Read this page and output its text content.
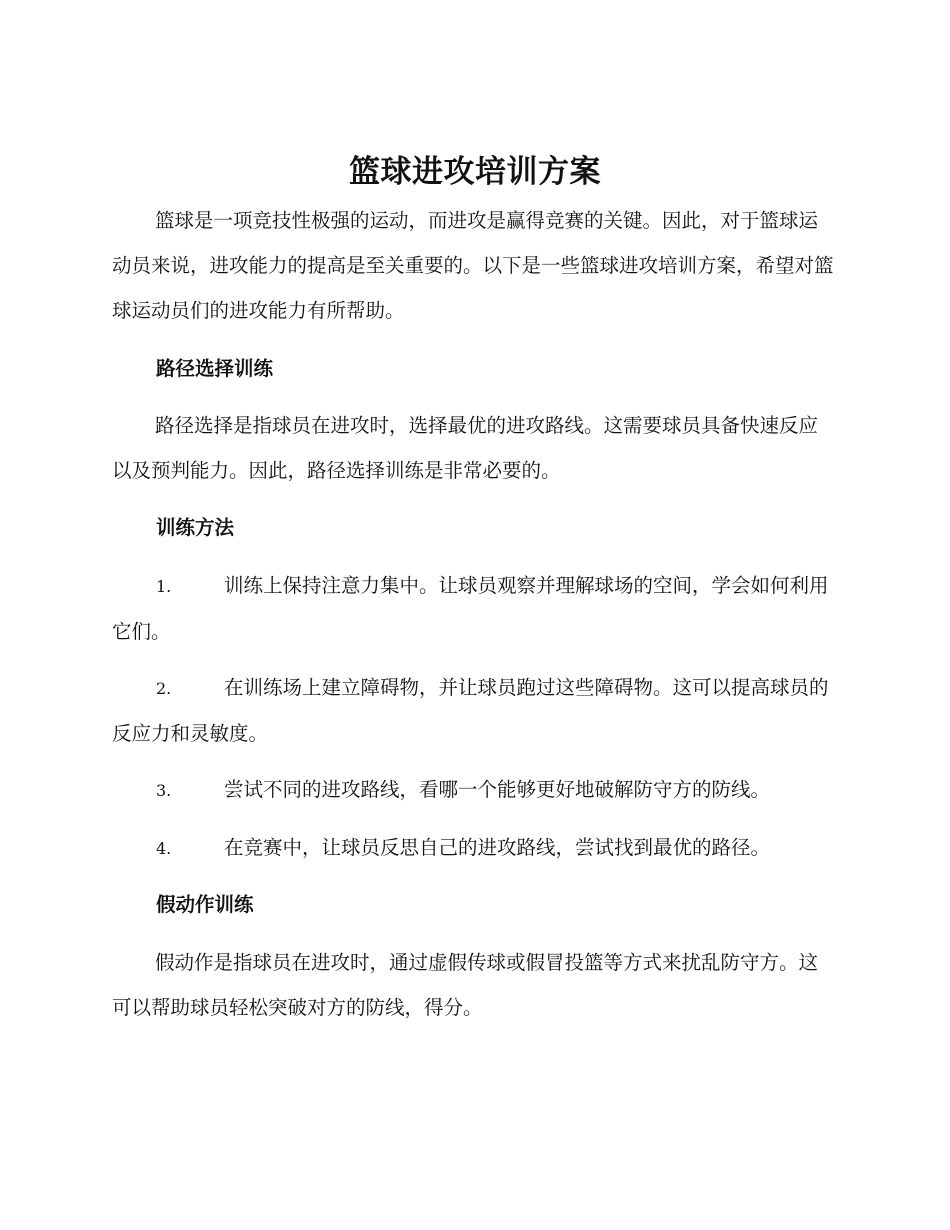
篮球进攻培训方案

篮球是一项竞技性极强的运动，而进攻是赢得竞赛的关键。因此，对于篮球运动员来说，进攻能力的提高是至关重要的。以下是一些篮球进攻培训方案，希望对篮球运动员们的进攻能力有所帮助。

路径选择训练

路径选择是指球员在进攻时，选择最优的进攻路线。这需要球员具备快速反应以及预判能力。因此，路径选择训练是非常必要的。

训练方法

1.	训练上保持注意力集中。让球员观察并理解球场的空间，学会如何利用它们。

2.	在训练场上建立障碍物，并让球员跑过这些障碍物。这可以提高球员的反应力和灵敏度。

3.	尝试不同的进攻路线，看哪一个能够更好地破解防守方的防线。

4.	在竞赛中，让球员反思自己的进攻路线，尝试找到最优的路径。

假动作训练

假动作是指球员在进攻时，通过虚假传球或假冒投篮等方式来扰乱防守方。这可以帮助球员轻松突破对方的防线，得分。
